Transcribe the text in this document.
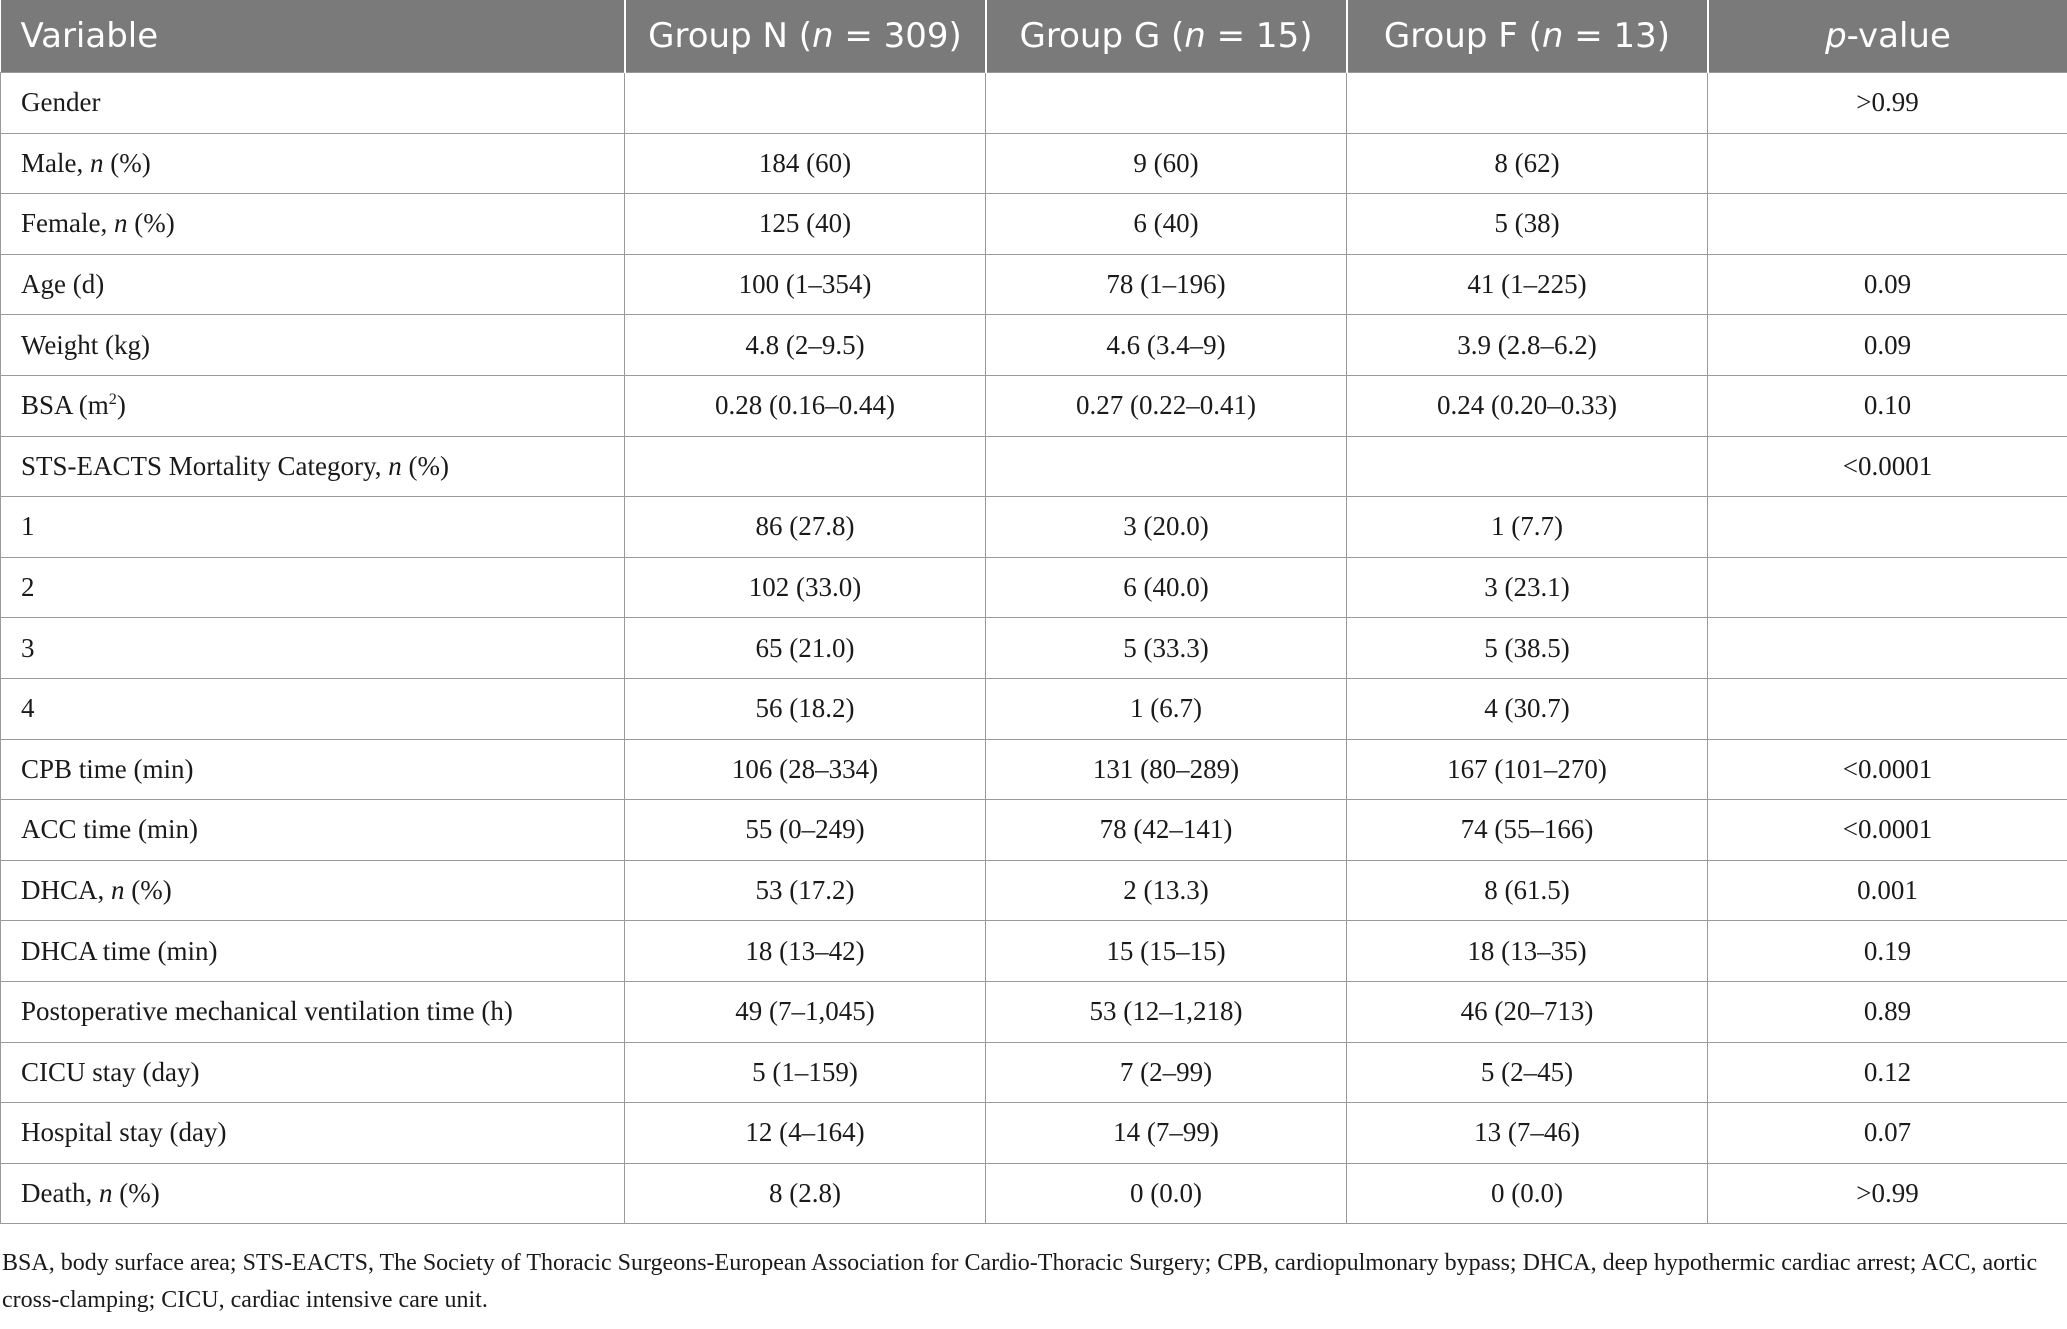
Variable	Group N (n = 309)	Group G (n = 15)	Group F (n = 13)	p-value
Gender				>0.99
Male, n (%)	184 (60)	9 (60)	8 (62)	
Female, n (%)	125 (40)	6 (40)	5 (38)	
Age (d)	100 (1–354)	78 (1–196)	41 (1–225)	0.09
Weight (kg)	4.8 (2–9.5)	4.6 (3.4–9)	3.9 (2.8–6.2)	0.09
BSA $(m^2)$	0.28 (0.16–0.44)	0.27 (0.22–0.41)	0.24 (0.20–0.33)	0.10
STS-EACTS Mortality Category, n (%)				<0.0001
1	86 (27.8)	3 (20.0)	1 (7.7)	
2	102 (33.0)	6 (40.0)	3 (23.1)	
3	65 (21.0)	5 (33.3)	5 (38.5)	
4	56 (18.2)	1 (6.7)	4 (30.7)	
CPB time (min)	106 (28–334)	131 (80–289)	167 (101–270)	<0.0001
ACC time (min)	55 (0–249)	78 (42–141)	74 (55–166)	<0.0001
DHCA, n (%)	53 (17.2)	2 (13.3)	8 (61.5)	0.001
DHCA time (min)	18 (13–42)	15 (15–15)	18 (13–35)	0.19
Postoperative mechanical ventilation time (h)	49 (7–1,045)	53 (12–1,218)	46 (20–713)	0.89
CICU stay (day)	5 (1–159)	7 (2–99)	5 (2–45)	0.12
Hospital stay (day)	12 (4–164)	14 (7–99)	13 (7–46)	0.07
Death, n (%)	8 (2.8)	0 (0.0)	0 (0.0)	>0.99
BSA, body surface area; STS-EACTS, The Society of Thoracic Surgeons-European Association for Cardio-Thoracic Surgery; CPB, cardiopulmonary bypass; DHCA, deep hypothermic cardiac arrest; ACC, aortic cross-clamping; CICU, cardiac intensive care unit.
